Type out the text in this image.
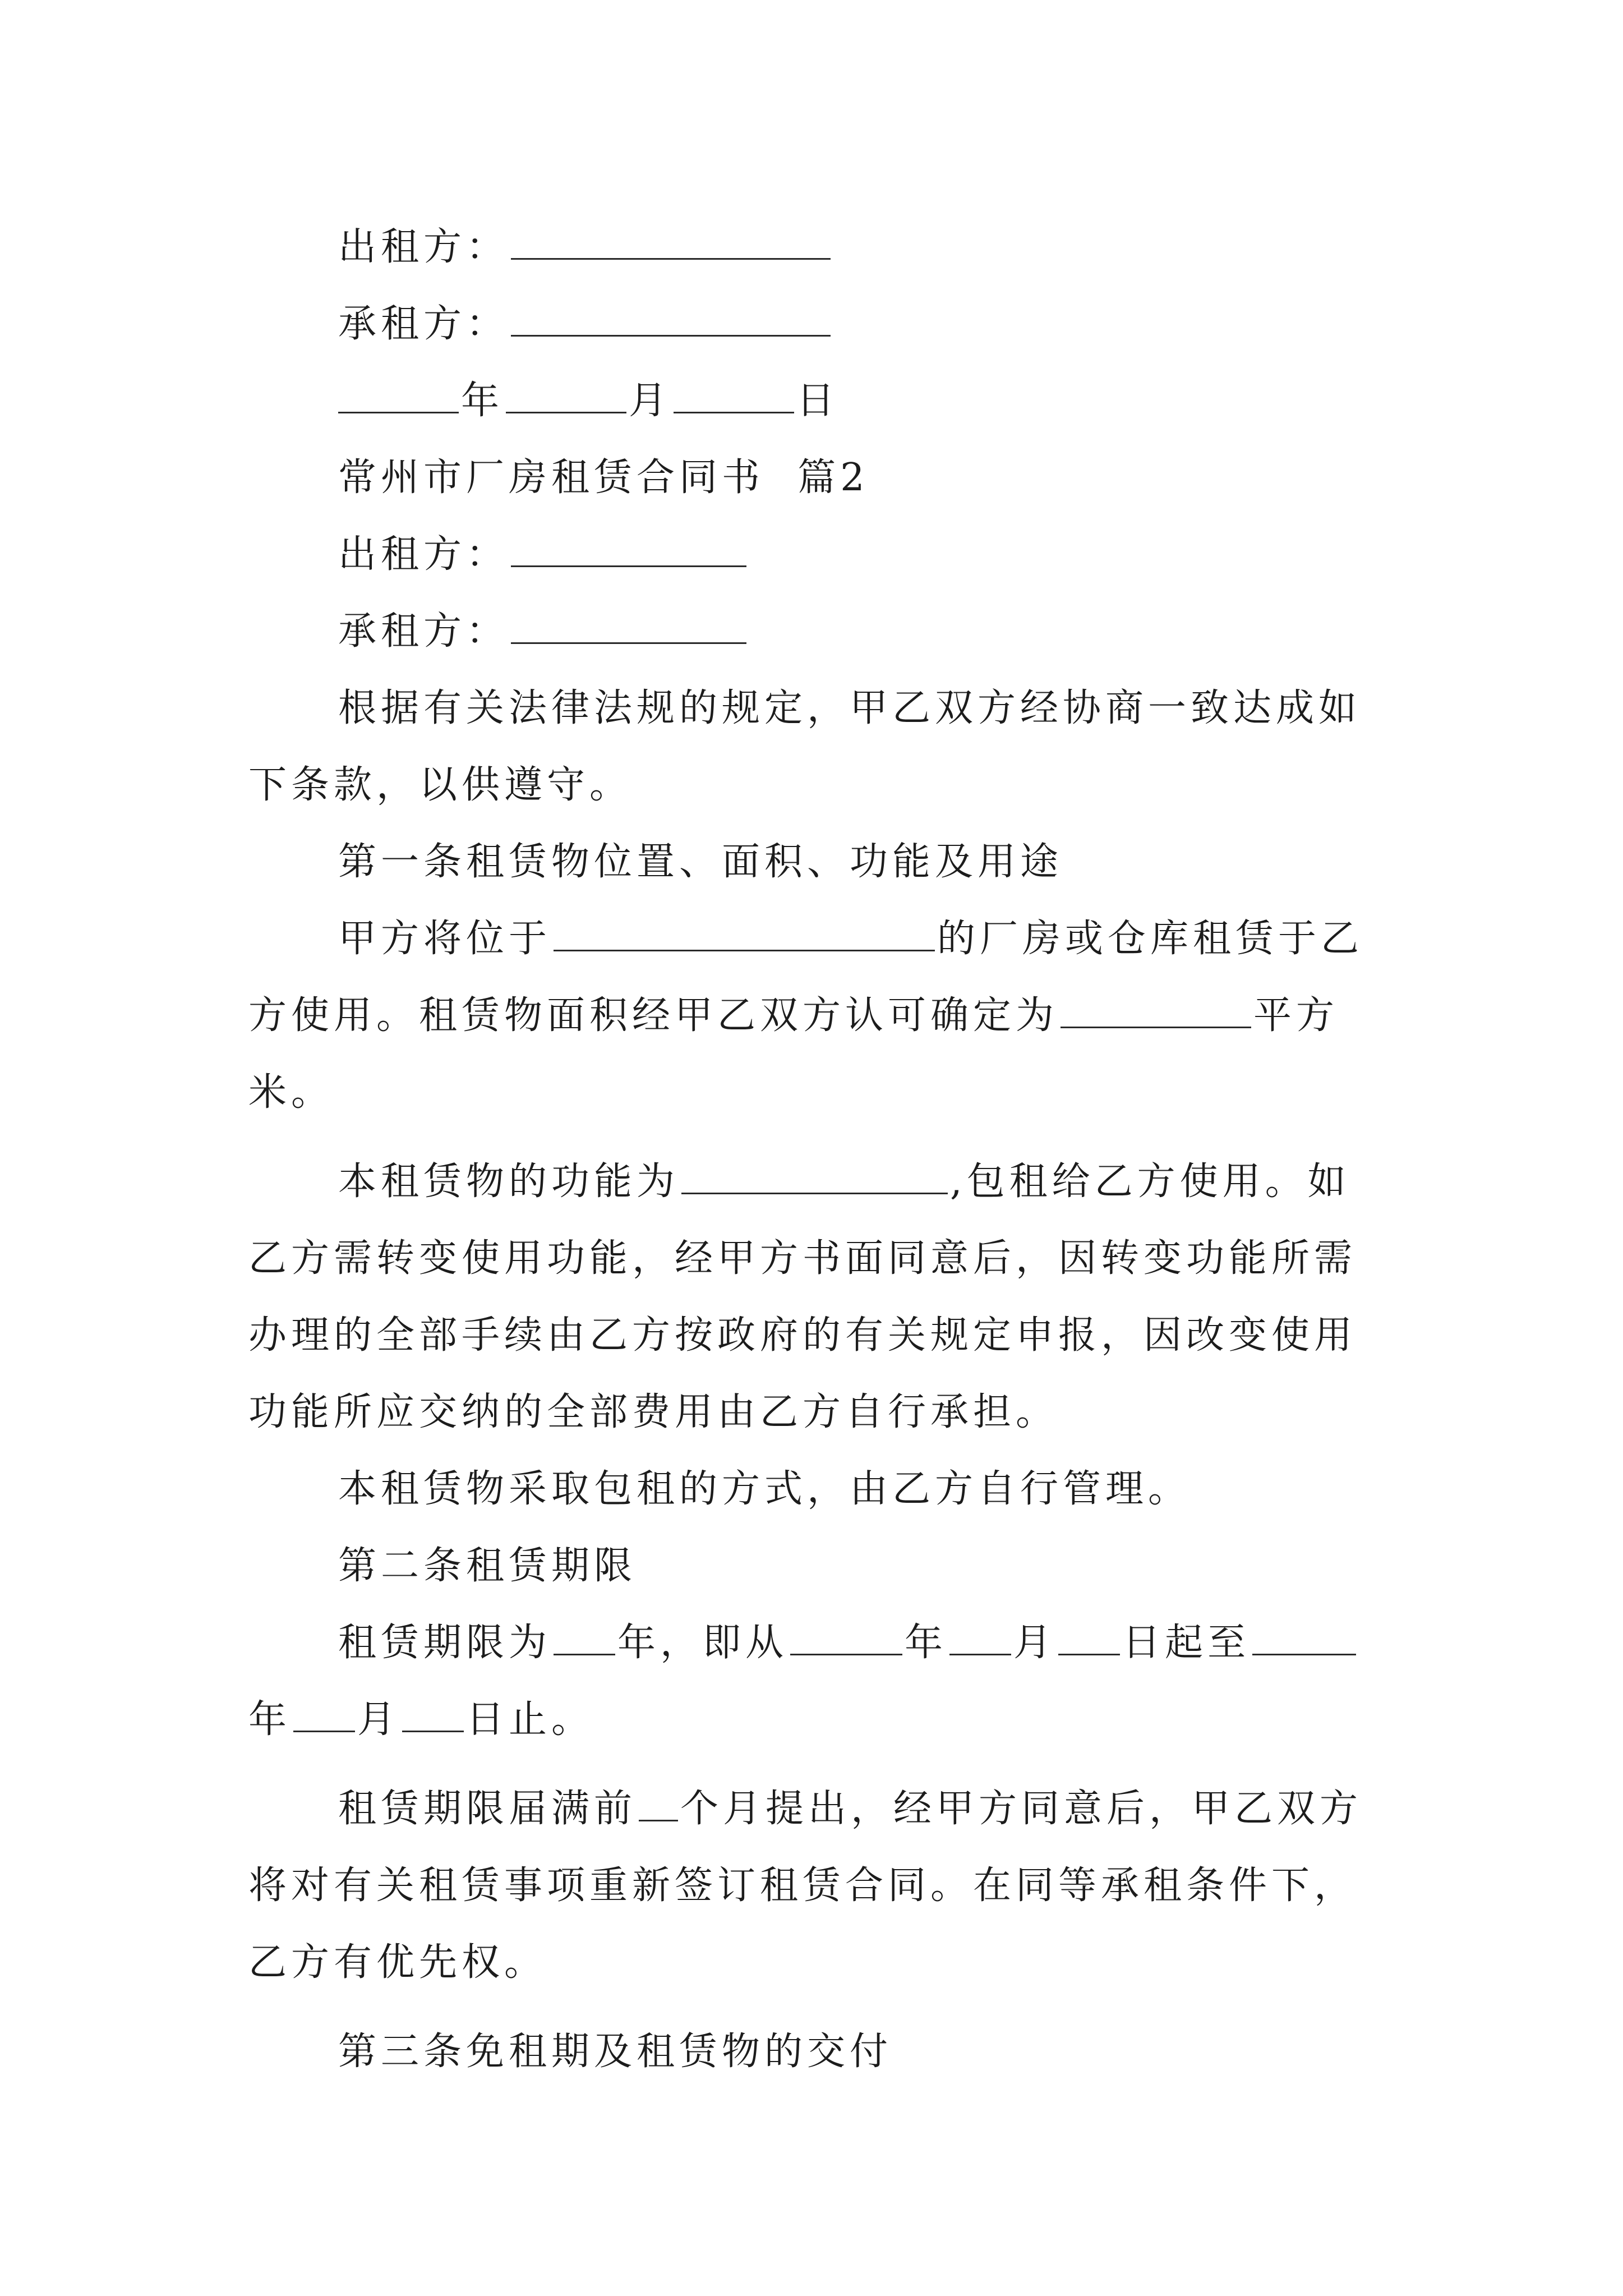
出租方：
承租方：
年	月	日
常州市厂房租赁合同书  篇2
出租方：
承租方：
根据有关法律法规的规定，甲乙双方经协商一致达成如
下条款，以供遵守。
第一条租赁物位置、面积、功能及用途
甲方将位于	的厂房或仓库租赁于乙
方使用。租赁物面积经甲乙双方认可确定为	平方
米。
本租赁物的功能为	,包租给乙方使用。如
乙方需转变使用功能，经甲方书面同意后，因转变功能所需
办理的全部手续由乙方按政府的有关规定申报，因改变使用
功能所应交纳的全部费用由乙方自行承担。
本租赁物采取包租的方式，由乙方自行管理。
第二条租赁期限
租赁期限为 年，即从	年 月 日起至
年 月 日止。
租赁期限届满前 个月提出，经甲方同意后，甲乙双方
将对有关租赁事项重新签订租赁合同。在同等承租条件下，
乙方有优先权。
第三条免租期及租赁物的交付
